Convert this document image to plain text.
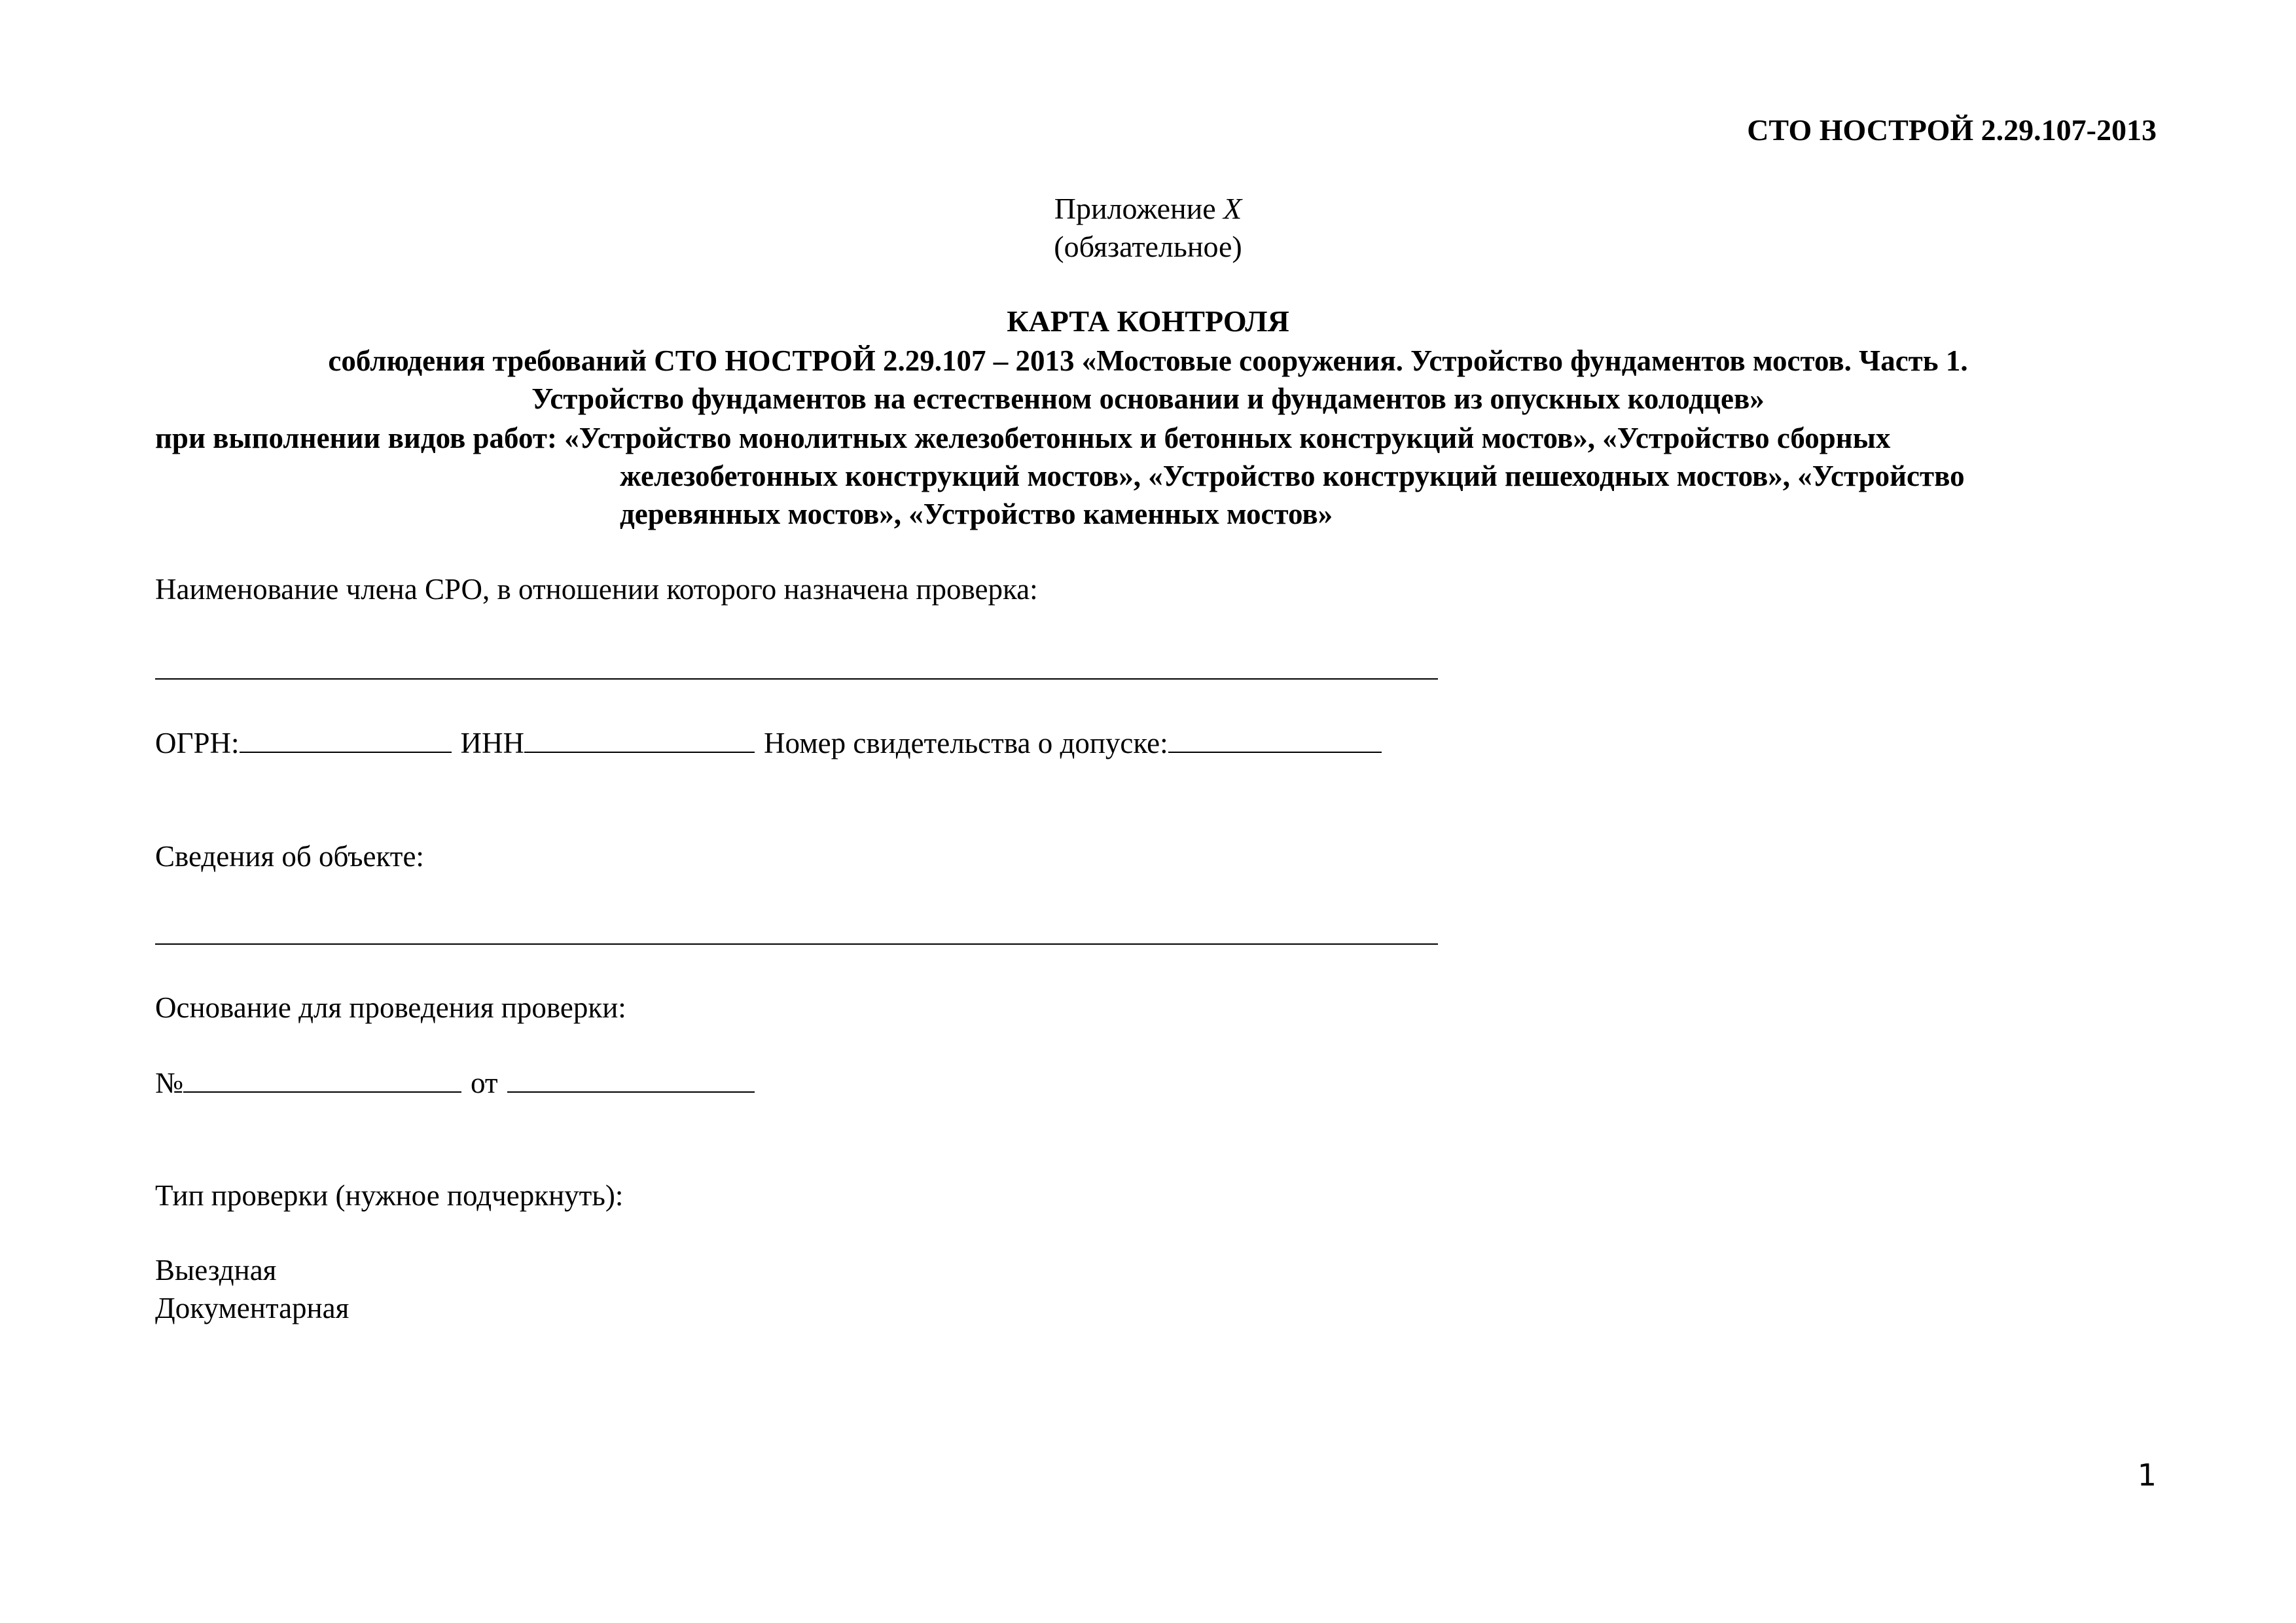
СТО НОСТРОЙ 2.29.107-2013
Приложение Х
(обязательное)
КАРТА КОНТРОЛЯ
соблюдения требований СТО НОСТРОЙ 2.29.107 – 2013 «Мостовые сооружения. Устройство фундаментов мостов. Часть 1.
Устройство фундаментов на естественном основании и фундаментов из опускных колодцев»
при выполнении видов работ: «Устройство монолитных железобетонных и бетонных конструкций мостов», «Устройство сборных
железобетонных конструкций мостов», «Устройство конструкций пешеходных мостов», «Устройство
деревянных мостов», «Устройство каменных мостов»
Наименование члена СРО, в отношении которого назначена проверка:
ОГРН:	ИНН	Номер свидетельства о допуске:
Сведения об объекте:
Основание для проведения проверки:
№	от
Тип проверки (нужное подчеркнуть):
Выездная
Документарная
1
